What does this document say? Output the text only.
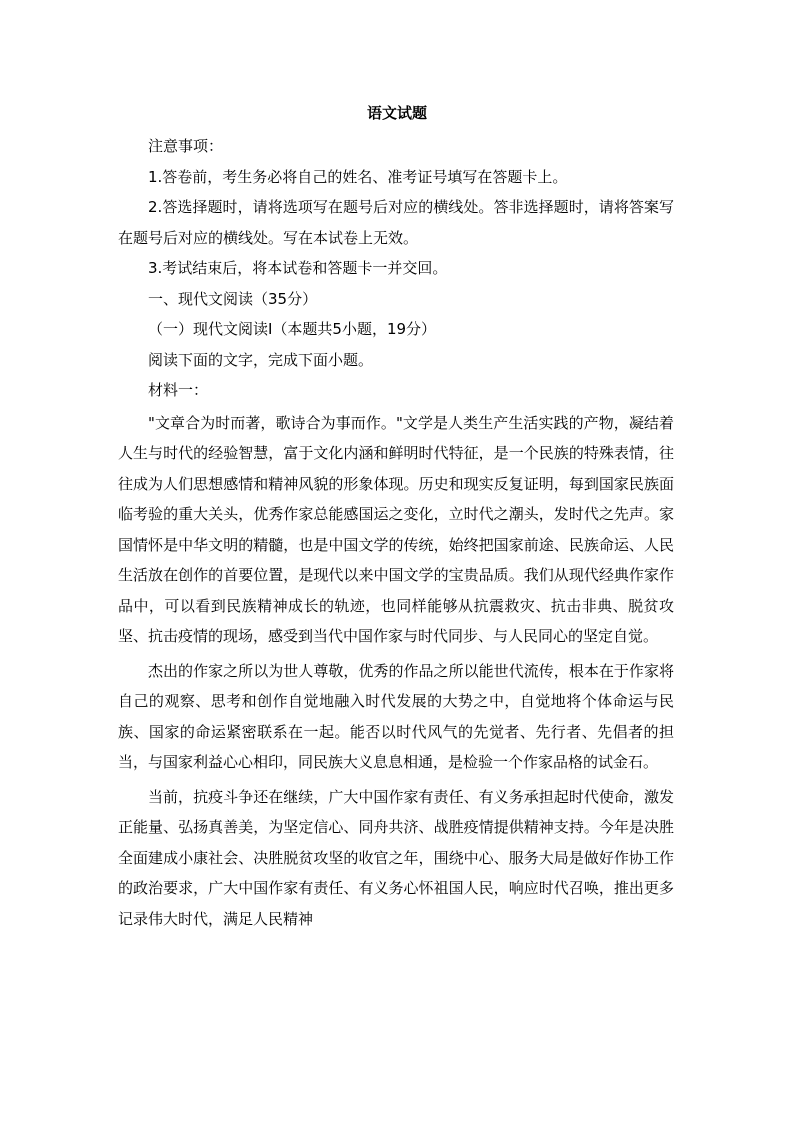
语文试题

注意事项：

1.答卷前，考生务必将自己的姓名、准考证号填写在答题卡上。

2.答选择题时，请将选项写在题号后对应的横线处。答非选择题时，请将答案写在题号后对应的横线处。写在本试卷上无效。

3.考试结束后，将本试卷和答题卡一并交回。

一、现代文阅读（35分）

（一）现代文阅读Ⅰ（本题共5小题，19分）

阅读下面的文字，完成下面小题。

材料一：

"文章合为时而著，歌诗合为事而作。"文学是人类生产生活实践的产物，凝结着人生与时代的经验智慧，富于文化内涵和鲜明时代特征，是一个民族的特殊表情，往往成为人们思想感情和精神风貌的形象体现。历史和现实反复证明，每到国家民族面临考验的重大关头，优秀作家总能感国运之变化，立时代之潮头，发时代之先声。家国情怀是中华文明的精髓，也是中国文学的传统，始终把国家前途、民族命运、人民生活放在创作的首要位置，是现代以来中国文学的宝贵品质。我们从现代经典作家作品中，可以看到民族精神成长的轨迹，也同样能够从抗震救灾、抗击非典、脱贫攻坚、抗击疫情的现场，感受到当代中国作家与时代同步、与人民同心的坚定自觉。

杰出的作家之所以为世人尊敬，优秀的作品之所以能世代流传，根本在于作家将自己的观察、思考和创作自觉地融入时代发展的大势之中，自觉地将个体命运与民族、国家的命运紧密联系在一起。能否以时代风气的先觉者、先行者、先倡者的担当，与国家利益心心相印，同民族大义息息相通，是检验一个作家品格的试金石。

当前，抗疫斗争还在继续，广大中国作家有责任、有义务承担起时代使命，激发正能量、弘扬真善美，为坚定信心、同舟共济、战胜疫情提供精神支持。今年是决胜全面建成小康社会、决胜脱贫攻坚的收官之年，围绕中心、服务大局是做好作协工作的政治要求，广大中国作家有责任、有义务心怀祖国人民，响应时代召唤，推出更多记录伟大时代，满足人民精神
